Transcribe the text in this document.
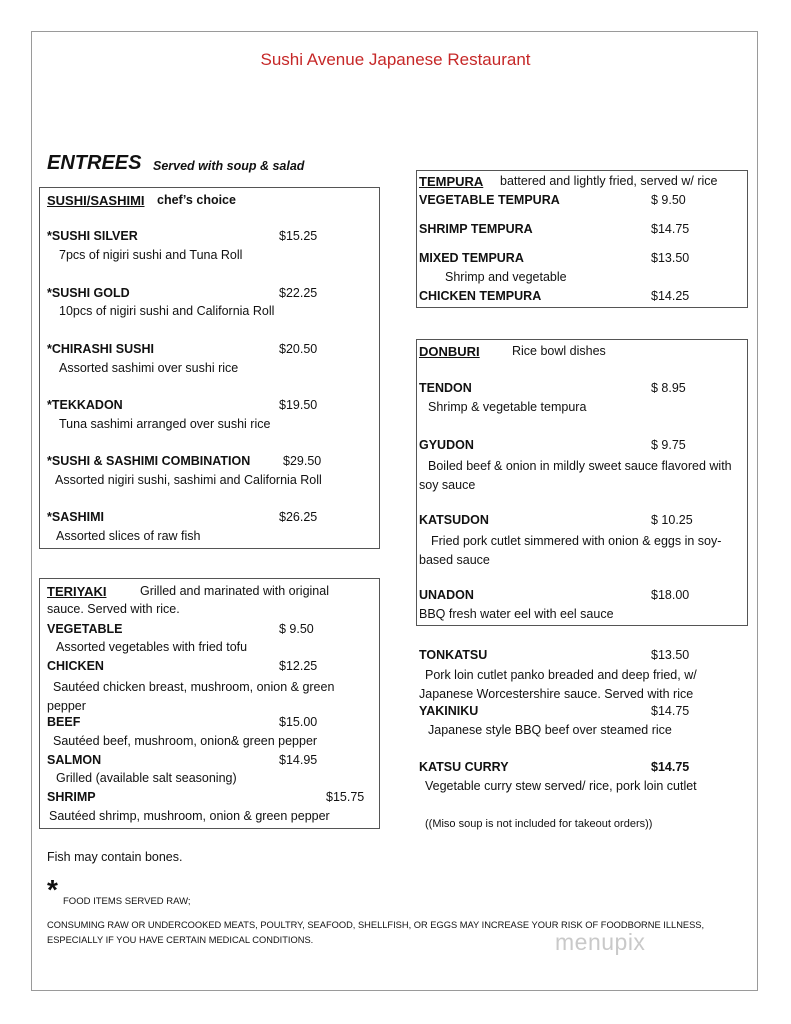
Sushi Avenue Japanese Restaurant
ENTREES Served with soup & salad
SUSHI/SASHIMI chef’s choice
*SUSHI SILVER	$15.25
7pcs of nigiri sushi and Tuna Roll
*SUSHI GOLD	$22.25
10pcs of nigiri sushi and California Roll
*CHIRASHI SUSHI	$20.50
Assorted sashimi over sushi rice
*TEKKADON	$19.50
Tuna sashimi arranged over sushi rice
*SUSHI & SASHIMI COMBINATION	$29.50
Assorted nigiri sushi, sashimi and California Roll
*SASHIMI	$26.25
Assorted slices of raw fish
TERIYAKI	Grilled and marinated with original
sauce. Served with rice.
VEGETABLE	$ 9.50
Assorted vegetables with fried tofu
CHICKEN	$12.25
Sautéed chicken breast, mushroom, onion & green pepper
BEEF	$15.00
Sautéed beef, mushroom, onion& green pepper
SALMON	$14.95
Grilled (available salt seasoning)
SHRIMP	$15.75
Sautéed shrimp, mushroom, onion & green pepper
TEMPURA battered and lightly fried, served w/ rice
VEGETABLE TEMPURA	$ 9.50
SHRIMP TEMPURA	$14.75
MIXED TEMPURA	$13.50
Shrimp and vegetable
CHICKEN TEMPURA	$14.25
DONBURI	Rice bowl dishes
TENDON	$ 8.95
Shrimp & vegetable tempura
GYUDON	$ 9.75
Boiled beef & onion in mildly sweet sauce flavored with soy sauce
KATSUDON	$ 10.25
Fried pork cutlet simmered with onion & eggs in soy-based sauce
UNADON	$18.00
BBQ fresh water eel with eel sauce
TONKATSU	$13.50
Pork loin cutlet panko breaded and deep fried, w/ Japanese Worcestershire sauce. Served with rice
YAKINIKU	$14.75
Japanese style BBQ beef over steamed rice
KATSU CURRY	$14.75
Vegetable curry stew served/ rice, pork loin cutlet
((Miso soup is not included for takeout orders))
Fish may contain bones.
* FOOD ITEMS SERVED RAW;
CONSUMING RAW OR UNDERCOOKED MEATS, POULTRY, SEAFOOD, SHELLFISH, OR EGGS MAY INCREASE YOUR RISK OF FOODBORNE ILLNESS,
ESPECIALLY IF YOU HAVE CERTAIN MEDICAL CONDITIONS.	menupix
